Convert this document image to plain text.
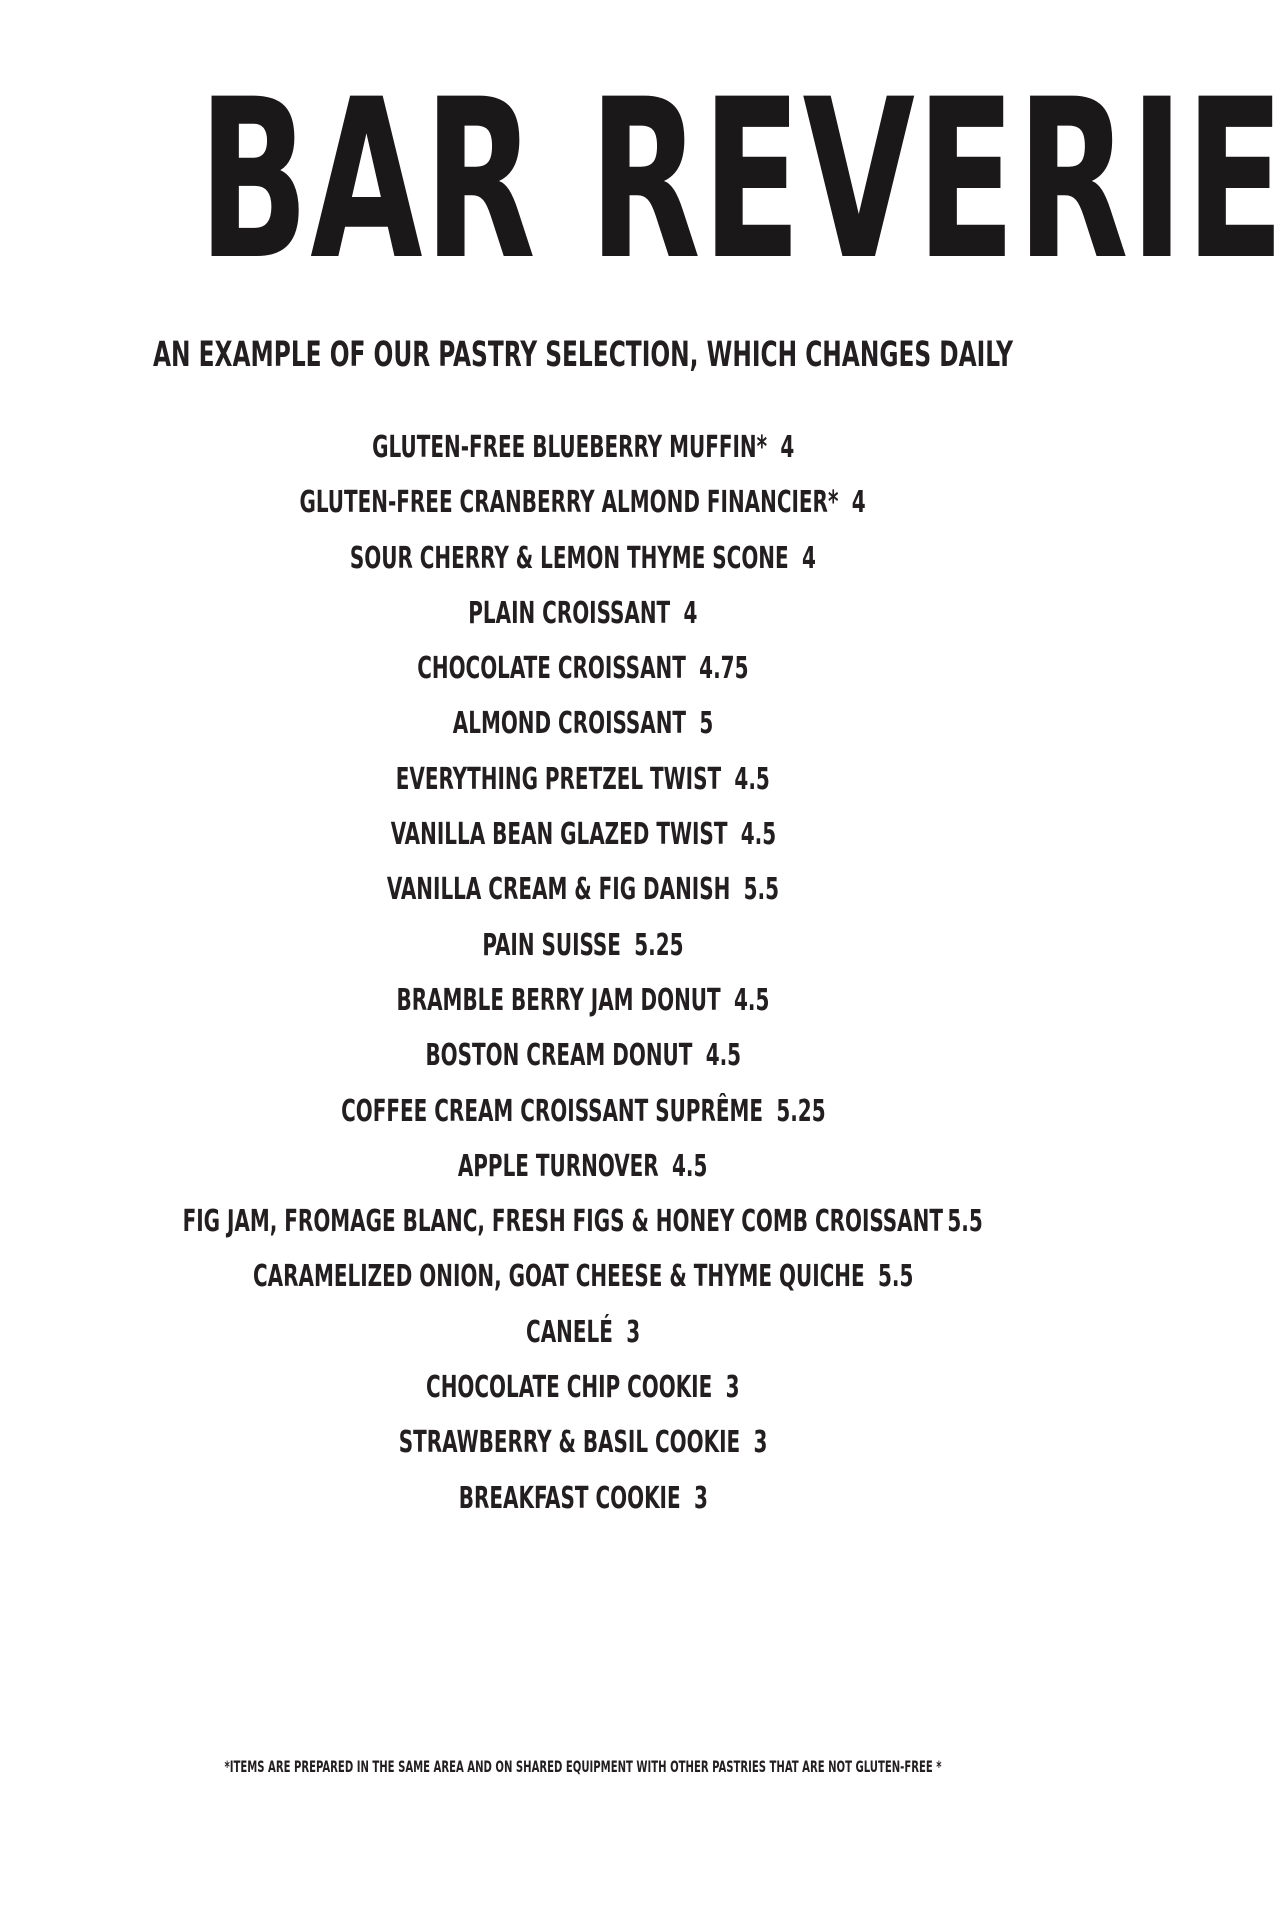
BAR REVERIE
AN EXAMPLE OF OUR PASTRY SELECTION, WHICH CHANGES DAILY
GLUTEN-FREE BLUEBERRY MUFFIN* 4
GLUTEN-FREE CRANBERRY ALMOND FINANCIER* 4
SOUR CHERRY & LEMON THYME SCONE 4
PLAIN CROISSANT 4
CHOCOLATE CROISSANT 4.75
ALMOND CROISSANT 5
EVERYTHING PRETZEL TWIST 4.5
VANILLA BEAN GLAZED TWIST 4.5
VANILLA CREAM & FIG DANISH 5.5
PAIN SUISSE 5.25
BRAMBLE BERRY JAM DONUT 4.5
BOSTON CREAM DONUT 4.5
COFFEE CREAM CROISSANT SUPRÊME 5.25
APPLE TURNOVER 4.5
FIG JAM, FROMAGE BLANC, FRESH FIGS & HONEY COMB CROISSANT 5.5
CARAMELIZED ONION, GOAT CHEESE & THYME QUICHE 5.5
CANELÉ 3
CHOCOLATE CHIP COOKIE 3
STRAWBERRY & BASIL COOKIE 3
BREAKFAST COOKIE 3
*ITEMS ARE PREPARED IN THE SAME AREA AND ON SHARED EQUIPMENT WITH OTHER PASTRIES THAT ARE NOT GLUTEN-FREE *
